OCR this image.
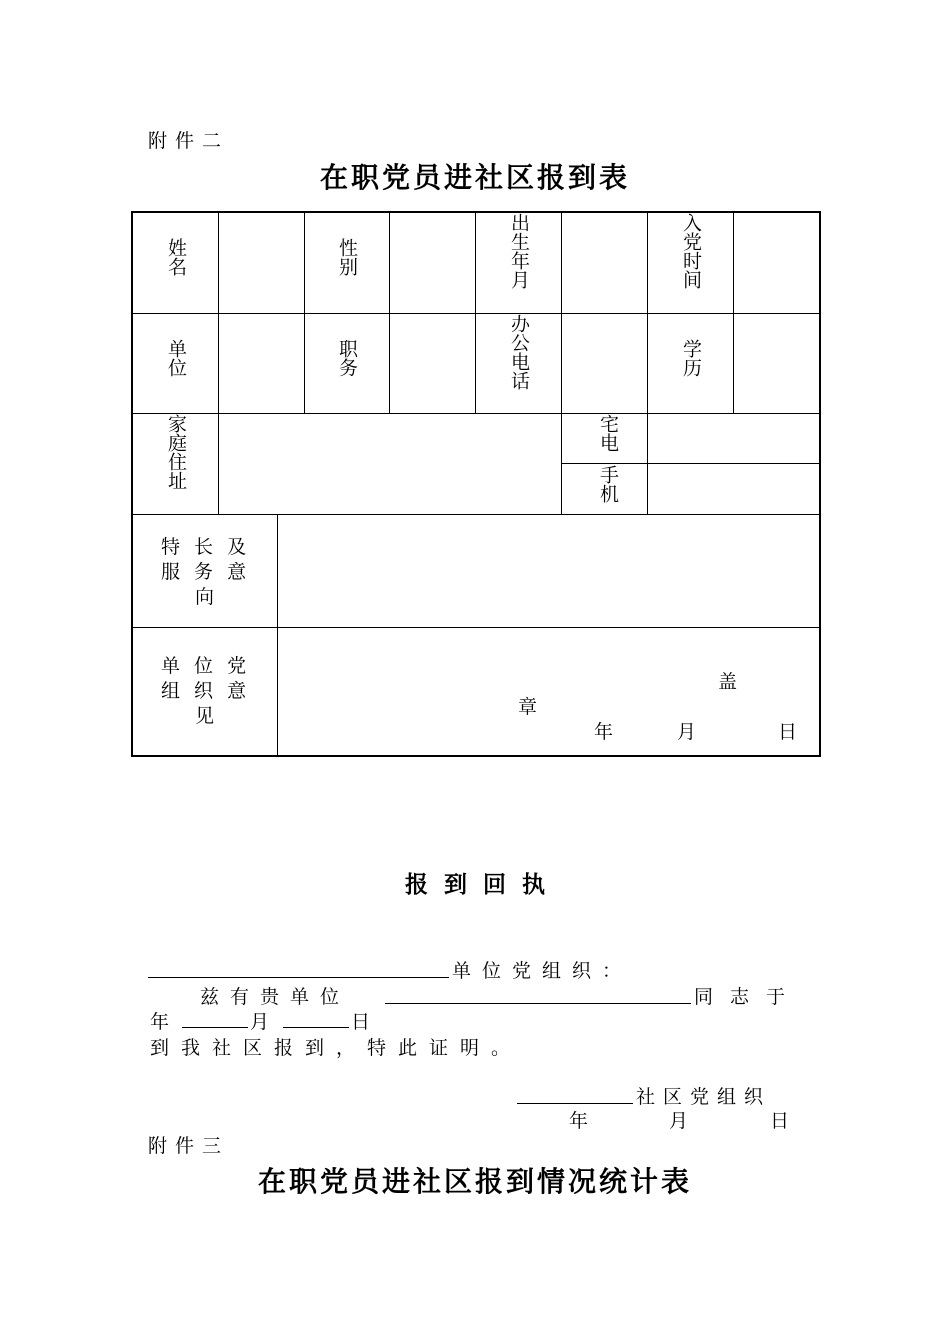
附件二
在职党员进社区报到表
姓名	性别	出生年月	入党时间
单位	职务	办公电话	学历
家庭住址	宅电
手机
特 长 及
服 务 意
向
单 位 党
组 织 意
见
盖
章
年	月	日
报  到  回  执
单位党组织：
兹有贵单位	同志于
年	月	日
到我社区报到，特此证明。
社区党组织
年	月	日
附件三
在职党员进社区报到情况统计表
